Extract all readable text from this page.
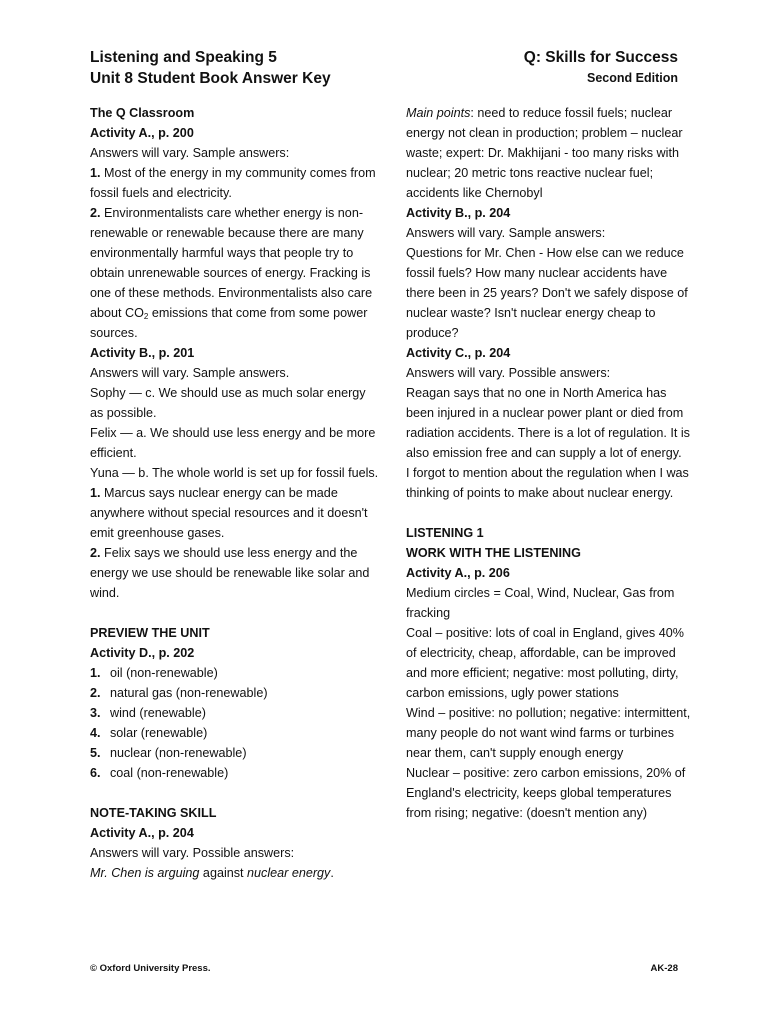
Listening and Speaking 5
Unit 8 Student Book Answer Key
Q: Skills for Success
Second Edition

The Q Classroom

Activity A., p. 200

Answers will vary. Sample answers:

1. Most of the energy in my community comes from fossil fuels and electricity.

2. Environmentalists care whether energy is non-renewable or renewable because there are many environmentally harmful ways that people try to obtain unrenewable sources of energy. Fracking is one of these methods. Environmentalists also care about $CO_2$ emissions that come from some power sources.

Activity B., p. 201

Answers will vary. Sample answers.

Sophy — c. We should use as much solar energy as possible.

Felix — a. We should use less energy and be more efficient.

Yuna — b. The whole world is set up for fossil fuels.

1. Marcus says nuclear energy can be made anywhere without special resources and it doesn't emit greenhouse gases.

2. Felix says we should use less energy and the energy we use should be renewable like solar and wind.

PREVIEW THE UNIT

Activity D., p. 202

1. oil (non-renewable)

2. natural gas (non-renewable)

3. wind (renewable)

4. solar (renewable)

5. nuclear (non-renewable)

6. coal (non-renewable)

NOTE-TAKING SKILL

Activity A., p. 204

Answers will vary. Possible answers:

Mr. Chen is arguing against nuclear energy.

Main points: need to reduce fossil fuels; nuclear energy not clean in production; problem – nuclear waste; expert: Dr. Makhijani - too many risks with nuclear; 20 metric tons reactive nuclear fuel; accidents like Chernobyl

Activity B., p. 204

Answers will vary. Sample answers:

Questions for Mr. Chen - How else can we reduce fossil fuels? How many nuclear accidents have there been in 25 years? Don't we safely dispose of nuclear waste? Isn't nuclear energy cheap to produce?

Activity C., p. 204

Answers will vary. Possible answers:

Reagan says that no one in North America has been injured in a nuclear power plant or died from radiation accidents. There is a lot of regulation. It is also emission free and can supply a lot of energy.

I forgot to mention about the regulation when I was thinking of points to make about nuclear energy.

LISTENING 1

WORK WITH THE LISTENING

Activity A., p. 206

Medium circles = Coal, Wind, Nuclear, Gas from fracking

Coal – positive: lots of coal in England, gives 40% of electricity, cheap, affordable, can be improved and more efficient; negative: most polluting, dirty, carbon emissions, ugly power stations

Wind – positive: no pollution; negative: intermittent, many people do not want wind farms or turbines near them, can't supply enough energy

Nuclear – positive: zero carbon emissions, 20% of England's electricity, keeps global temperatures from rising; negative: (doesn't mention any)

© Oxford University Press.	AK-28
